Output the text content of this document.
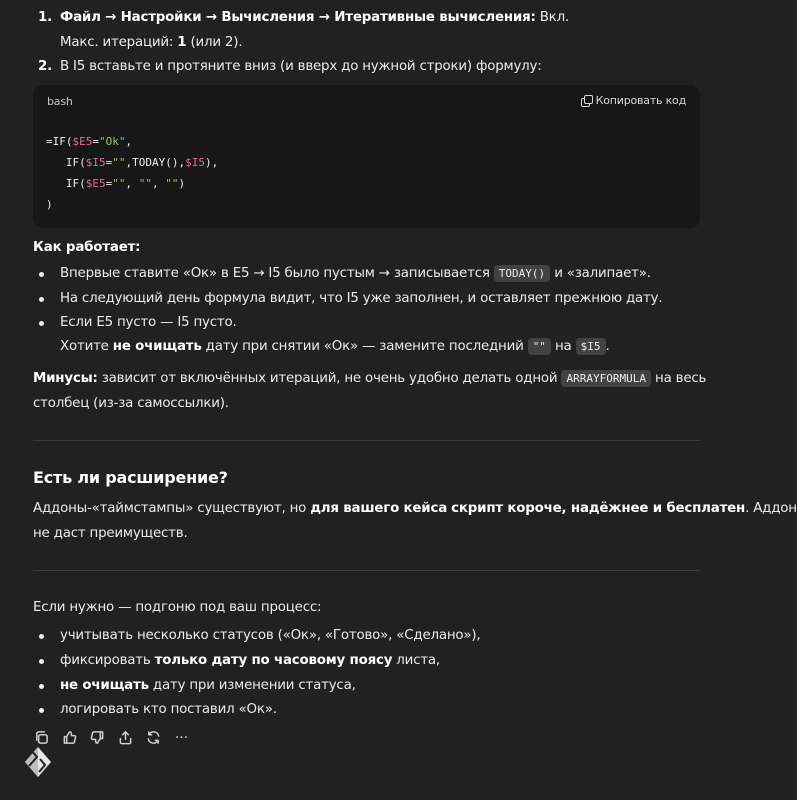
1. Файл → Настройки → Вычисления → Итеративные вычисления: Вкл.
Макс. итераций: 1 (или 2).
2. В I5 вставьте и протяните вниз (и вверх до нужной строки) формулу:
bash	Копировать код
=IF($E5="Ok",
IF($I5="",TODAY(),$I5),
IF($E5="", "", "")
)
Как работает:
Впервые ставите «Ок» в E5 → I5 было пустым → записывается TODAY() и «залипает».
На следующий день формула видит, что I5 уже заполнен, и оставляет прежнюю дату.
Если E5 пусто — I5 пусто.
Хотите не очищать дату при снятии «Ок» — замените последний "" на $I5 .
Минусы: зависит от включённых итераций, не очень удобно делать одной ARRAYFORMULA на весь
столбец (из-за самоссылки).
Есть ли расширение?
Аддоны-«таймстампы» существуют, но для вашего кейса скрипт короче, надёжнее и бесплатен. Аддон
не даст преимуществ.
Если нужно — подгоню под ваш процесс:
учитывать несколько статусов («Ок», «Готово», «Сделано»),
фиксировать только дату по часовому поясу листа,
не очищать дату при изменении статуса,
логировать кто поставил «Ок».
···
